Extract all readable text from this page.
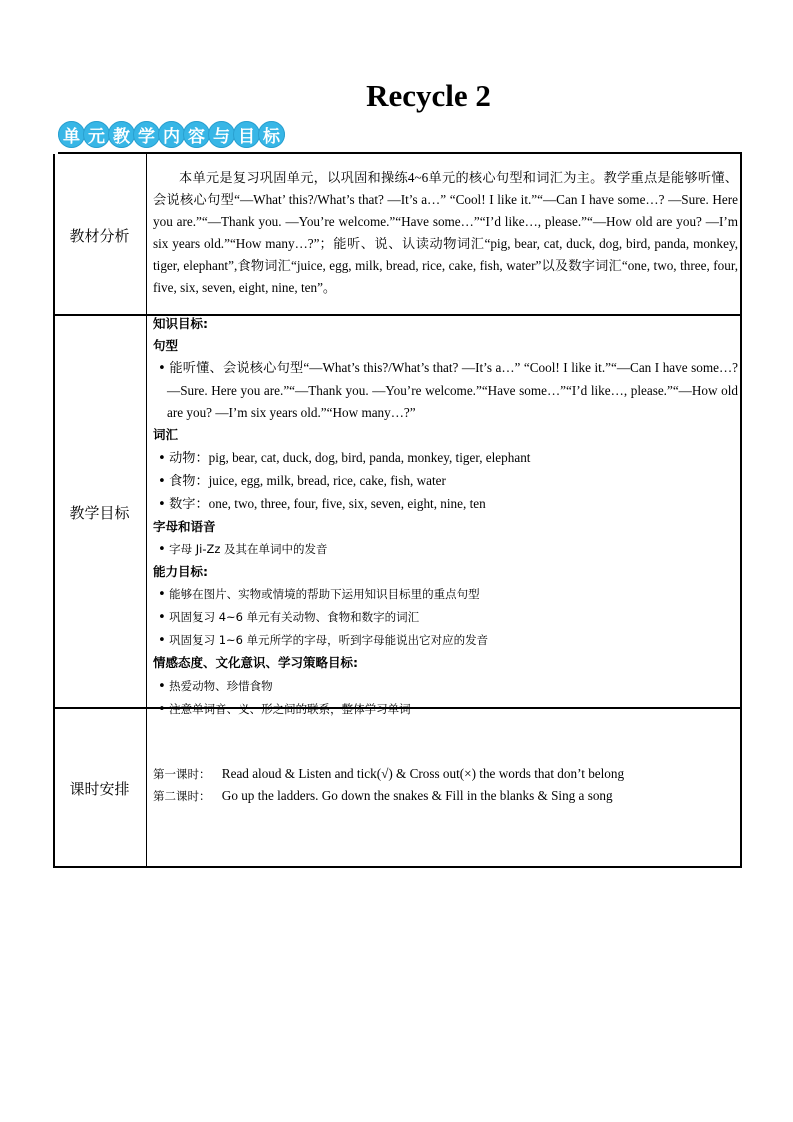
Recycle 2
单 元 教 学 内 容 与 目 标
教材分析
本单元是复习巩固单元，以巩固和操练4~6单元的核心句型和词汇为主。教学重点是能够听懂、会说核心句型“—What’ this?/What’s that? —It’s a…” “Cool! I like it.”“—Can I have some…? —Sure. Here you are.”“—Thank you. —You’re welcome.”“Have some…”“I’d like…, please.”“—How old are you? —I’m six years old.”“How many…?”；能听、说、认读动物词汇“pig, bear, cat, duck, dog, bird, panda, monkey, tiger, elephant”,食物词汇“juice, egg, milk, bread, rice, cake, fish, water”以及数字词汇“one, two, three, four, five, six, seven, eight, nine, ten”。
教学目标
知识目标:
句型
• 能听懂、会说核心句型“—What’s this?/What’s that? —It’s a…” “Cool! I like it.”“—Can I have some…? —Sure. Here you are.”“—Thank you. —You’re welcome.”“Have some…”“I’d like…, please.”“—How old are you? —I’m six years old.”“How many…?”
词汇
• 动物：pig, bear, cat, duck, dog, bird, panda, monkey, tiger, elephant
• 食物：juice, egg, milk, bread, rice, cake, fish, water
• 数字：one, two, three, four, five, six, seven, eight, nine, ten
字母和语音
• 字母 Ji-Zz 及其在单词中的发音
能力目标:
• 能够在图片、实物或情境的帮助下运用知识目标里的重点句型
• 巩固复习 4~6 单元有关动物、食物和数字的词汇
• 巩固复习 1~6 单元所学的字母，听到字母能说出它对应的发音
情感态度、文化意识、学习策略目标:
• 热爱动物、珍惜食物
• 注意单词音、义、形之间的联系，整体学习单词
课时安排
第一课时： Read aloud & Listen and tick(√) & Cross out(×) the words that don’t belong
第二课时： Go up the ladders. Go down the snakes & Fill in the blanks & Sing a song
